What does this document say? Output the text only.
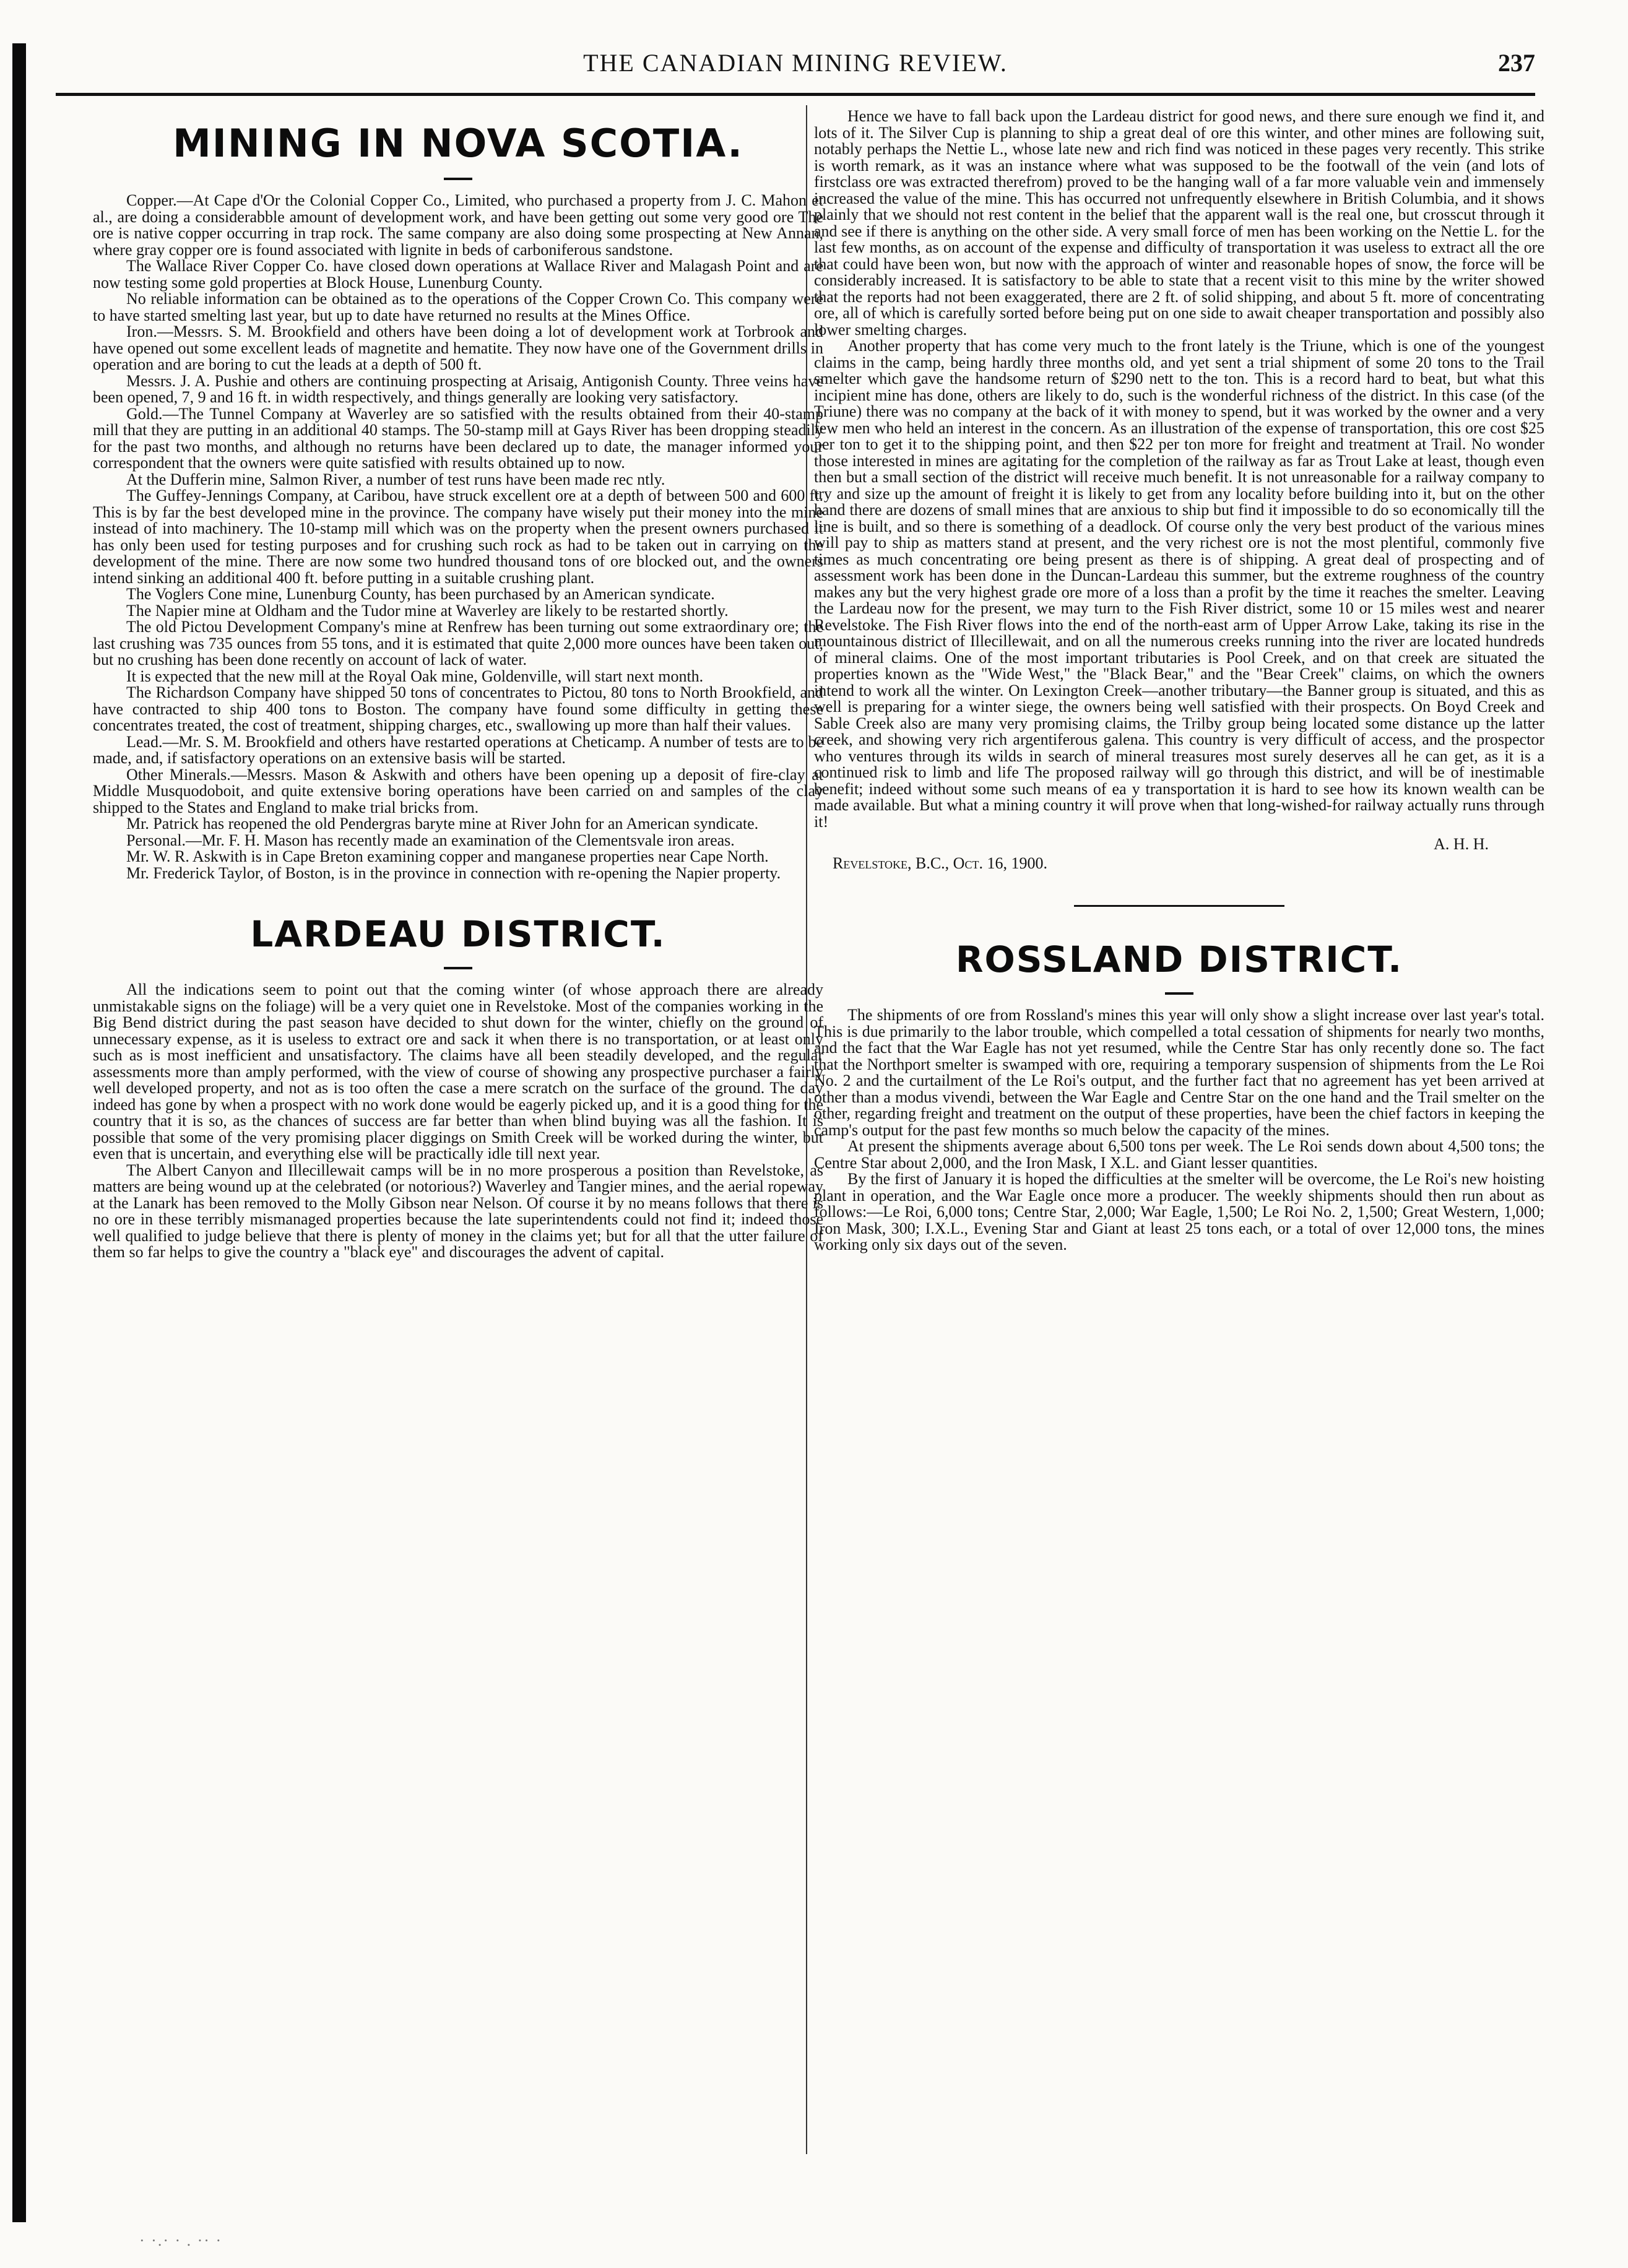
THE CANADIAN MINING REVIEW.	237
MINING IN NOVA SCOTIA.

Copper.—At Cape d'Or the Colonial Copper Co., Limited, who purchased a property from J. C. Mahon et al., are doing a considerabble amount of development work, and have been getting out some very good ore The ore is native copper occurring in trap rock. The same company are also doing some prospecting at New Annan, where gray copper ore is found associated with lignite in beds of carboniferous sandstone.

The Wallace River Copper Co. have closed down operations at Wallace River and Malagash Point and are now testing some gold properties at Block House, Lunenburg County.

No reliable information can be obtained as to the operations of the Copper Crown Co. This company were to have started smelting last year, but up to date have returned no results at the Mines Office.

Iron.—Messrs. S. M. Brookfield and others have been doing a lot of development work at Torbrook and have opened out some excellent leads of magnetite and hematite. They now have one of the Government drills in operation and are boring to cut the leads at a depth of 500 ft.

Messrs. J. A. Pushie and others are continuing prospecting at Arisaig, Antigonish County. Three veins have been opened, 7, 9 and 16 ft. in width respectively, and things generally are looking very satisfactory.

Gold.—The Tunnel Company at Waverley are so satisfied with the results obtained from their 40-stamp mill that they are putting in an additional 40 stamps. The 50-stamp mill at Gays River has been dropping steadily for the past two months, and although no returns have been declared up to date, the manager informed your correspondent that the owners were quite satisfied with results obtained up to now.

At the Dufferin mine, Salmon River, a number of test runs have been made rec ntly.

The Guffey-Jennings Company, at Caribou, have struck excellent ore at a depth of between 500 and 600 ft. This is by far the best developed mine in the province. The company have wisely put their money into the mine instead of into machinery. The 10-stamp mill which was on the property when the present owners purchased it has only been used for testing purposes and for crushing such rock as had to be taken out in carrying on the development of the mine. There are now some two hundred thousand tons of ore blocked out, and the owners intend sinking an additional 400 ft. before putting in a suitable crushing plant.

The Voglers Cone mine, Lunenburg County, has been purchased by an American syndicate.

The Napier mine at Oldham and the Tudor mine at Waverley are likely to be restarted shortly.

The old Pictou Development Company's mine at Renfrew has been turning out some extraordinary ore; the last crushing was 735 ounces from 55 tons, and it is estimated that quite 2,000 more ounces have been taken out, but no crushing has been done recently on account of lack of water.

It is expected that the new mill at the Royal Oak mine, Goldenville, will start next month.

The Richardson Company have shipped 50 tons of concentrates to Pictou, 80 tons to North Brookfield, and have contracted to ship 400 tons to Boston. The company have found some difficulty in getting these concentrates treated, the cost of treatment, shipping charges, etc., swallowing up more than half their values.

Lead.—Mr. S. M. Brookfield and others have restarted operations at Cheticamp. A number of tests are to be made, and, if satisfactory operations on an extensive basis will be started.

Other Minerals.—Messrs. Mason & Askwith and others have been opening up a deposit of fire-clay at Middle Musquodoboit, and quite extensive boring operations have been carried on and samples of the clay shipped to the States and England to make trial bricks from.

Mr. Patrick has reopened the old Pendergras baryte mine at River John for an American syndicate.

Personal.—Mr. F. H. Mason has recently made an examination of the Clementsvale iron areas.

Mr. W. R. Askwith is in Cape Breton examining copper and manganese properties near Cape North.

Mr. Frederick Taylor, of Boston, is in the province in connection with re-opening the Napier property.

LARDEAU DISTRICT.

All the indications seem to point out that the coming winter (of whose approach there are already unmistakable signs on the foliage) will be a very quiet one in Revelstoke. Most of the companies working in the Big Bend district during the past season have decided to shut down for the winter, chiefly on the ground of unnecessary expense, as it is useless to extract ore and sack it when there is no transportation, or at least only such as is most inefficient and unsatisfactory. The claims have all been steadily developed, and the regular assessments more than amply performed, with the view of course of showing any prospective purchaser a fairly well developed property, and not as is too often the case a mere scratch on the surface of the ground. The day indeed has gone by when a prospect with no work done would be eagerly picked up, and it is a good thing for the country that it is so, as the chances of success are far better than when blind buying was all the fashion. It is possible that some of the very promising placer diggings on Smith Creek will be worked during the winter, but even that is uncertain, and everything else will be practically idle till next year.

The Albert Canyon and Illecillewait camps will be in no more prosperous a position than Revelstoke, as matters are being wound up at the celebrated (or notorious?) Waverley and Tangier mines, and the aerial ropeway at the Lanark has been removed to the Molly Gibson near Nelson. Of course it by no means follows that there is no ore in these terribly mismanaged properties because the late superintendents could not find it; indeed those well qualified to judge believe that there is plenty of money in the claims yet; but for all that the utter failure of them so far helps to give the country a "black eye" and discourages the advent of capital.

Hence we have to fall back upon the Lardeau district for good news, and there sure enough we find it, and lots of it. The Silver Cup is planning to ship a great deal of ore this winter, and other mines are following suit, notably perhaps the Nettie L., whose late new and rich find was noticed in these pages very recently. This strike is worth remark, as it was an instance where what was supposed to be the footwall of the vein (and lots of firstclass ore was extracted therefrom) proved to be the hanging wall of a far more valuable vein and immensely increased the value of the mine. This has occurred not unfrequently elsewhere in British Columbia, and it shows plainly that we should not rest content in the belief that the apparent wall is the real one, but crosscut through it and see if there is anything on the other side. A very small force of men has been working on the Nettie L. for the last few months, as on account of the expense and difficulty of transportation it was useless to extract all the ore that could have been won, but now with the approach of winter and reasonable hopes of snow, the force will be considerably increased. It is satisfactory to be able to state that a recent visit to this mine by the writer showed that the reports had not been exaggerated, there are 2 ft. of solid shipping, and about 5 ft. more of concentrating ore, all of which is carefully sorted before being put on one side to await cheaper transportation and possibly also lower smelting charges.

Another property that has come very much to the front lately is the Triune, which is one of the youngest claims in the camp, being hardly three months old, and yet sent a trial shipment of some 20 tons to the Trail smelter which gave the handsome return of $290 nett to the ton. This is a record hard to beat, but what this incipient mine has done, others are likely to do, such is the wonderful richness of the district. In this case (of the Triune) there was no company at the back of it with money to spend, but it was worked by the owner and a very few men who held an interest in the concern. As an illustration of the expense of transportation, this ore cost $25 per ton to get it to the shipping point, and then $22 per ton more for freight and treatment at Trail. No wonder those interested in mines are agitating for the completion of the railway as far as Trout Lake at least, though even then but a small section of the district will receive much benefit. It is not unreasonable for a railway company to try and size up the amount of freight it is likely to get from any locality before building into it, but on the other hand there are dozens of small mines that are anxious to ship but find it impossible to do so economically till the line is built, and so there is something of a deadlock. Of course only the very best product of the various mines will pay to ship as matters stand at present, and the very richest ore is not the most plentiful, commonly five times as much concentrating ore being present as there is of shipping. A great deal of prospecting and of assessment work has been done in the Duncan-Lardeau this summer, but the extreme roughness of the country makes any but the very highest grade ore more of a loss than a profit by the time it reaches the smelter. Leaving the Lardeau now for the present, we may turn to the Fish River district, some 10 or 15 miles west and nearer Revelstoke. The Fish River flows into the end of the north-east arm of Upper Arrow Lake, taking its rise in the mountainous district of Illecillewait, and on all the numerous creeks running into the river are located hundreds of mineral claims. One of the most important tributaries is Pool Creek, and on that creek are situated the properties known as the "Wide West," the "Black Bear," and the "Bear Creek" claims, on which the owners intend to work all the winter. On Lexington Creek—another tributary—the Banner group is situated, and this as well is preparing for a winter siege, the owners being well satisfied with their prospects. On Boyd Creek and Sable Creek also are many very promising claims, the Trilby group being located some distance up the latter creek, and showing very rich argentiferous galena. This country is very difficult of access, and the prospector who ventures through its wilds in search of mineral treasures most surely deserves all he can get, as it is a continued risk to limb and life The proposed railway will go through this district, and will be of inestimable benefit; indeed without some such means of ea y transportation it is hard to see how its known wealth can be made available. But what a mining country it will prove when that long-wished-for railway actually runs through it!

A. H. H.

Revelstoke, B.C., Oct. 16, 1900.

ROSSLAND DISTRICT.

The shipments of ore from Rossland's mines this year will only show a slight increase over last year's total. This is due primarily to the labor trouble, which compelled a total cessation of shipments for nearly two months, and the fact that the War Eagle has not yet resumed, while the Centre Star has only recently done so. The fact that the Northport smelter is swamped with ore, requiring a temporary suspension of shipments from the Le Roi No. 2 and the curtailment of the Le Roi's output, and the further fact that no agreement has yet been arrived at other than a modus vivendi, between the War Eagle and Centre Star on the one hand and the Trail smelter on the other, regarding freight and treatment on the output of these properties, have been the chief factors in keeping the camp's output for the past few months so much below the capacity of the mines.

At present the shipments average about 6,500 tons per week. The Le Roi sends down about 4,500 tons; the Centre Star about 2,000, and the Iron Mask, I X.L. and Giant lesser quantities.

By the first of January it is hoped the difficulties at the smelter will be overcome, the Le Roi's new hoisting plant in operation, and the War Eagle once more a producer. The weekly shipments should then run about as follows:—Le Roi, 6,000 tons; Centre Star, 2,000; War Eagle, 1,500; Le Roi No. 2, 1,500; Great Western, 1,000; Iron Mask, 300; I.X.L., Evening Star and Giant at least 25 tons each, or a total of over 12,000 tons, the mines working only six days out of the seven.

· ·.· · . ·· ·
